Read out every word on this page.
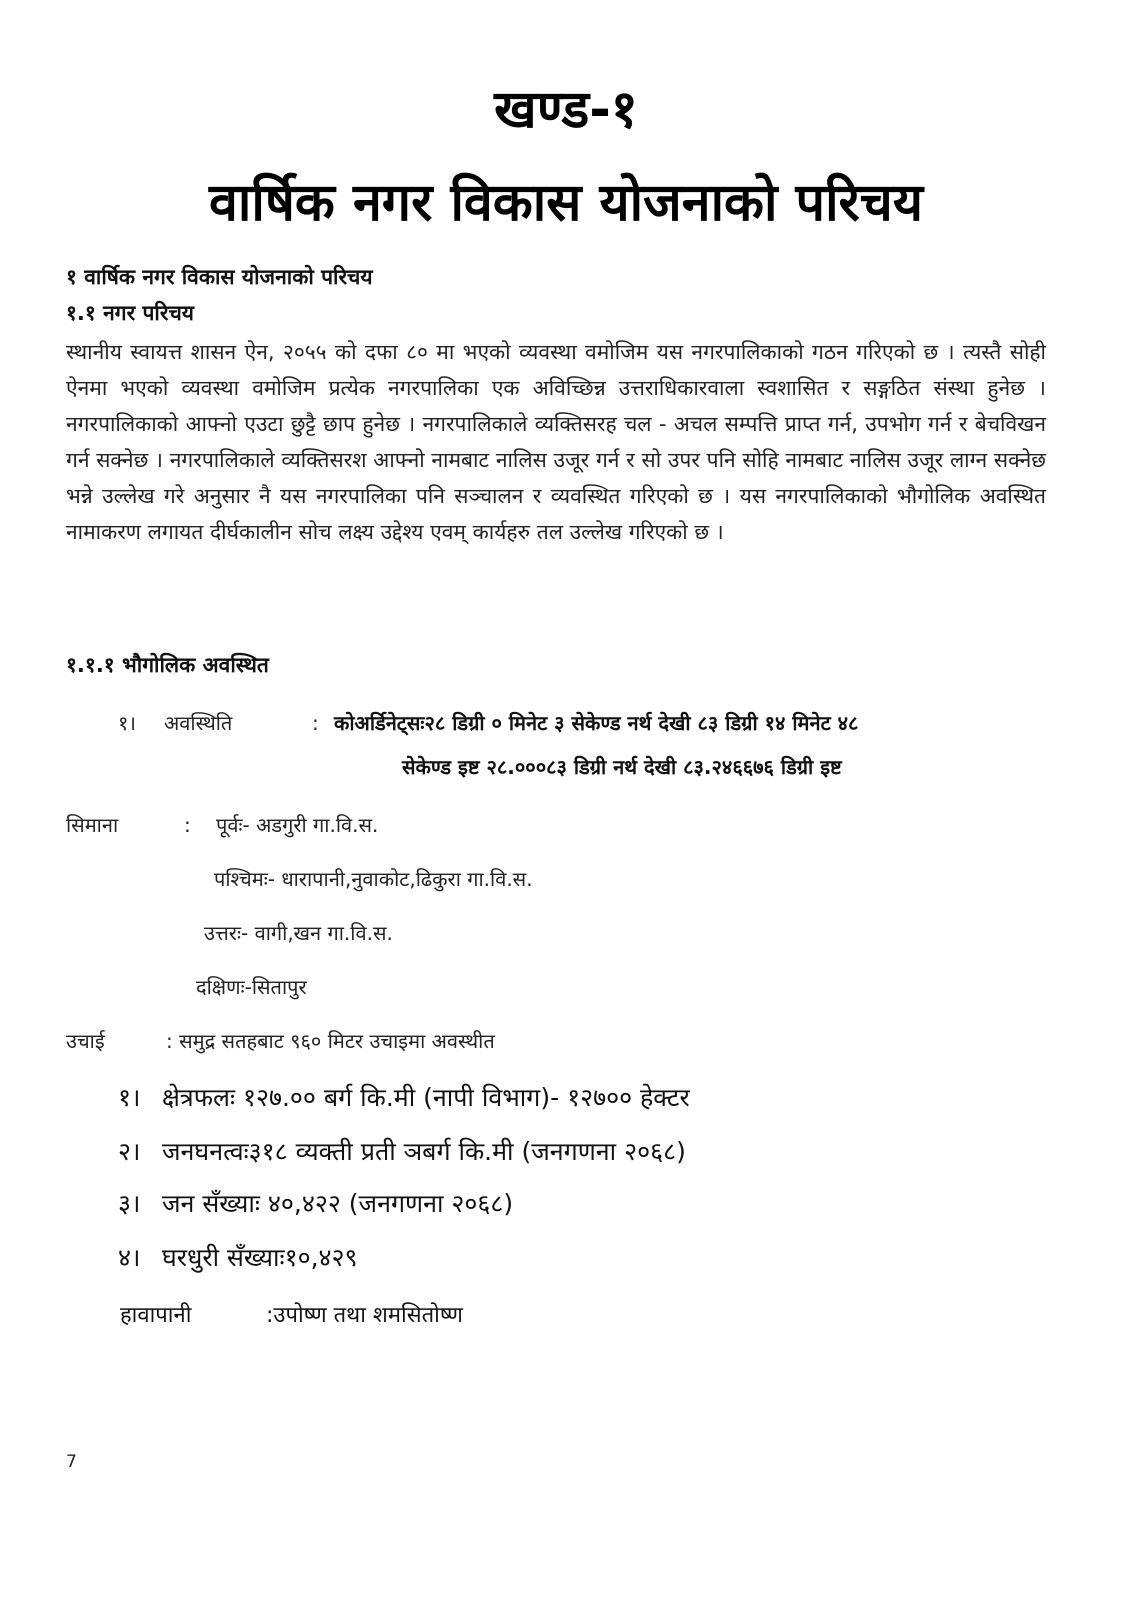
खण्ड-१
वार्षिक नगर विकास योजनाको परिचय
१ वार्षिक नगर विकास योजनाको परिचय
१.१ नगर परिचय
स्थानीय स्वायत्त शासन ऐन, २०५५ को दफा ८० मा भएको व्यवस्था वमोजिम यस नगरपालिकाको गठन गरिएको छ । त्यस्तै सोही ऐनमा भएको व्यवस्था वमोजिम प्रत्येक नगरपालिका एक अविच्छिन्न उत्तराधिकारवाला स्वशासित र सङ्गठित संस्था हुनेछ । नगरपालिकाको आफ्नो एउटा छुट्टै छाप हुनेछ । नगरपालिकाले व्यक्तिसरह चल - अचल सम्पत्ति प्राप्त गर्न, उपभोग गर्न र बेचविखन गर्न सक्नेछ । नगरपालिकाले व्यक्तिसरश आफ्नो नामबाट नालिस उजूर गर्न र सो उपर पनि सोहि नामबाट नालिस उजूर लाग्न सक्नेछ भन्ने उल्लेख गरे अनुसार नै यस नगरपालिका पनि सञ्चालन र व्यवस्थित गरिएको छ । यस नगरपालिकाको भौगोलिक अवस्थित नामाकरण लगायत दीर्घकालीन सोच लक्ष्य उद्देश्य एवम् कार्यहरु तल उल्लेख गरिएको छ ।
१.१.१ भौगोलिक अवस्थित
१। अवस्थिति	: कोअर्डिनेट्सः२८ डिग्री ० मिनेट ३ सेकेण्ड नर्थ देखी ८३ डिग्री १४ मिनेट ४८
सेकेण्ड इष्ट २८.०००८३ डिग्री नर्थ देखी ८३.२४६६७६ डिग्री इष्ट
सिमाना	: पूर्वः- अडगुरी गा.वि.स.
पश्चिमः- धारापानी,नुवाकोट,ढिकुरा गा.वि.स.
उत्तरः- वागी,खन गा.वि.स.
दक्षिणः-सितापुर
उचाई	: समुद्र सतहबाट ९६० मिटर उचाइमा अवस्थीत
१। क्षेत्रफलः १२७.०० बर्ग कि.मी (नापी विभाग)- १२७०० हेक्टर
२। जनघनत्वः३१८ व्यक्ती प्रती ञबर्ग कि.मी (जनगणना २०६८)
३। जन सँख्याः ४०,४२२ (जनगणना २०६८)
४। घरधुरी सँख्याः१०,४२९
हावापानी	:उपोष्ण तथा शमसितोष्ण
7
